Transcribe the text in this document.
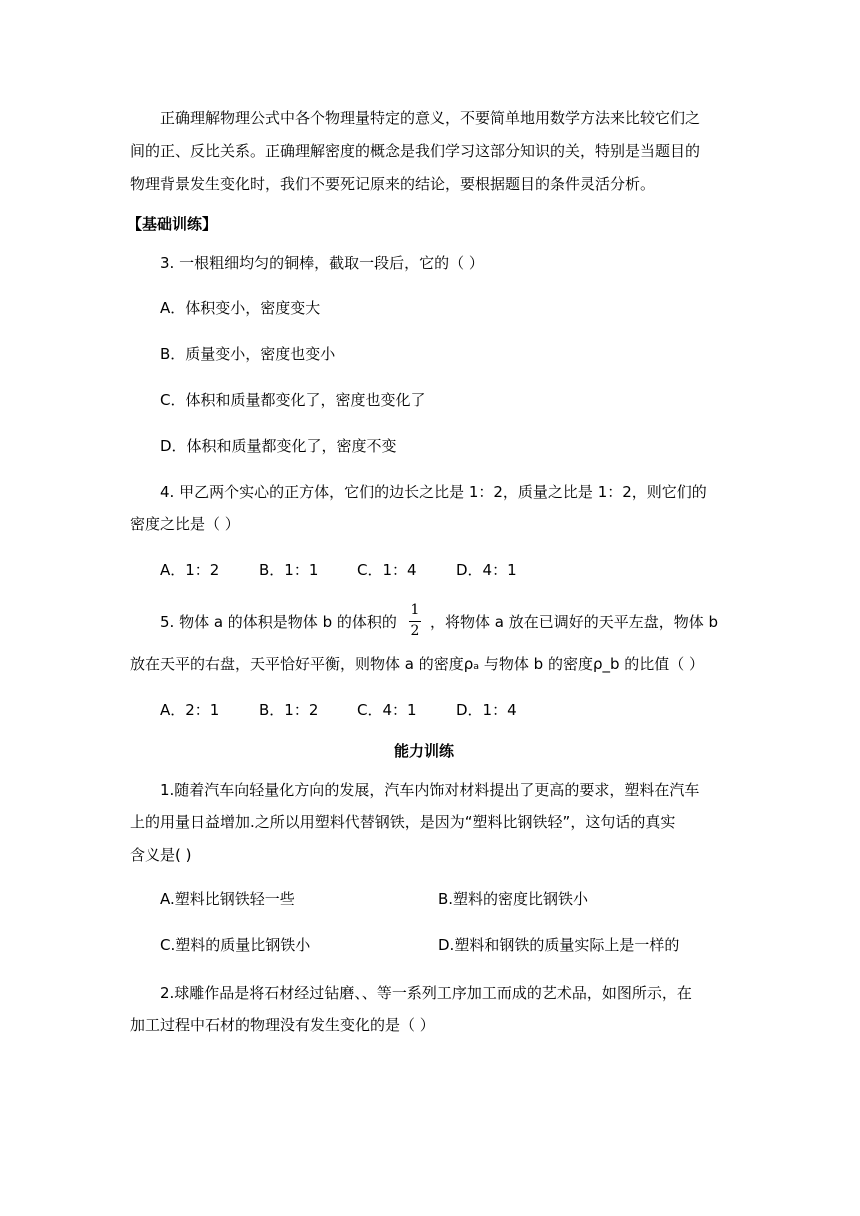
正确理解物理公式中各个物理量特定的意义，不要简单地用数学方法来比较它们之
间的正、反比关系。正确理解密度的概念是我们学习这部分知识的关，特别是当题目的
物理背景发生变化时，我们不要死记原来的结论，要根据题目的条件灵活分析。
【基础训练】
3. 一根粗细均匀的铜棒，截取一段后，它的（ ）
A．体积变小，密度变大
B．质量变小，密度也变小
C．体积和质量都变化了，密度也变化了
D．体积和质量都变化了，密度不变
4. 甲乙两个实心的正方体，它们的边长之比是 1：2，质量之比是 1：2，则它们的
密度之比是（ ）
A．1：2	B．1：1	C．1：4	D．4：1
5. 物体 a 的体积是物体 b 的体积的
1
2 ，将物体 a 放在已调好的天平左盘，物体 b
放在天平的右盘，天平恰好平衡，则物体 a 的密度ρₐ 与物体 b 的密度ρ_b 的比值（ ）
A．2：1	B．1：2	C．4：1	D．1：4
能力训练
1.随着汽车向轻量化方向的发展，汽车内饰对材料提出了更高的要求，塑料在汽车
上的用量日益增加.之所以用塑料代替钢铁，是因为“塑料比钢铁轻”，这句话的真实
含义是( )
A.塑料比钢铁轻一些	B.塑料的密度比钢铁小
C.塑料的质量比钢铁小	D.塑料和钢铁的质量实际上是一样的
2.球雕作品是将石材经过钻磨、、等一系列工序加工而成的艺术品，如图所示，在
加工过程中石材的物理没有发生变化的是（ ）
